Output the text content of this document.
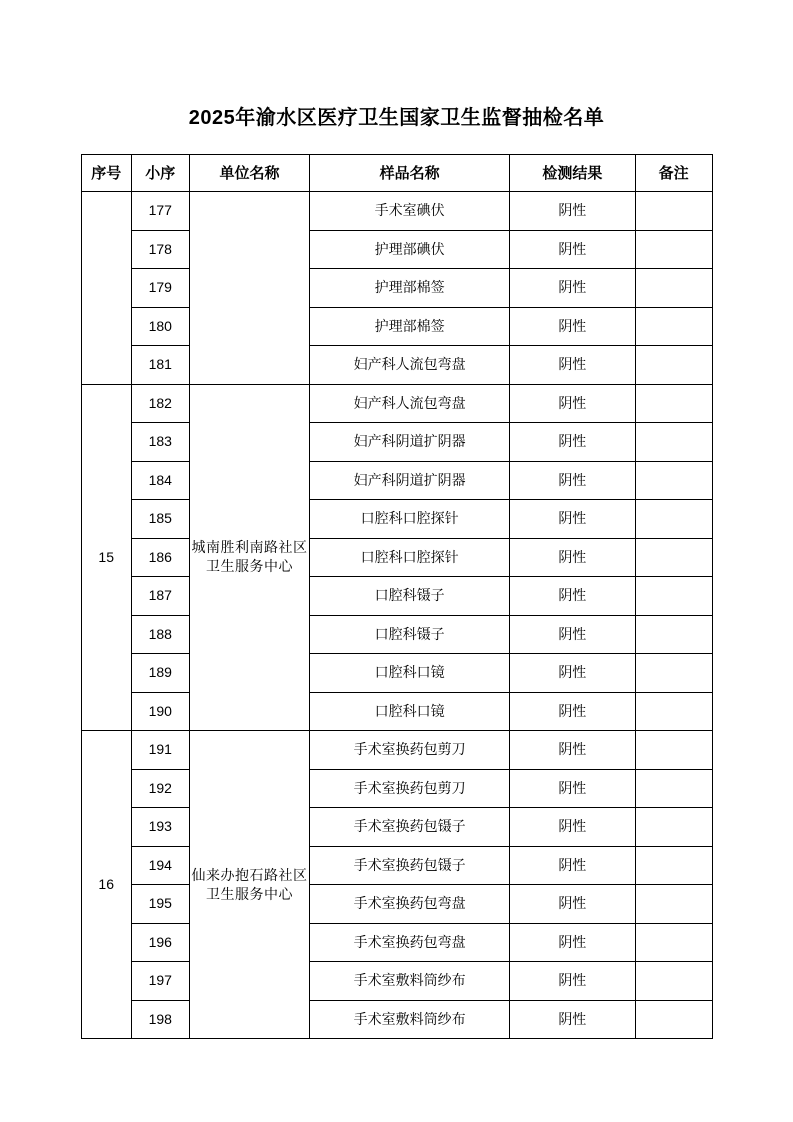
2025年渝水区医疗卫生国家卫生监督抽检名单
序号	小序	单位名称	样品名称	检测结果	备注
	177		手术室碘伏	阴性	
	178		护理部碘伏	阴性	
	179		护理部棉签	阴性	
	180		护理部棉签	阴性	
	181		妇产科人流包弯盘	阴性	
15	182	城南胜利南路社区卫生服务中心	妇产科人流包弯盘	阴性	
	183		妇产科阴道扩阴器	阴性	
	184		妇产科阴道扩阴器	阴性	
	185		口腔科口腔探针	阴性	
	186		口腔科口腔探针	阴性	
	187		口腔科镊子	阴性	
	188		口腔科镊子	阴性	
	189		口腔科口镜	阴性	
	190		口腔科口镜	阴性	
16	191	仙来办抱石路社区卫生服务中心	手术室换药包剪刀	阴性	
	192		手术室换药包剪刀	阴性	
	193		手术室换药包镊子	阴性	
	194		手术室换药包镊子	阴性	
	195		手术室换药包弯盘	阴性	
	196		手术室换药包弯盘	阴性	
	197		手术室敷料筒纱布	阴性	
	198		手术室敷料筒纱布	阴性	
